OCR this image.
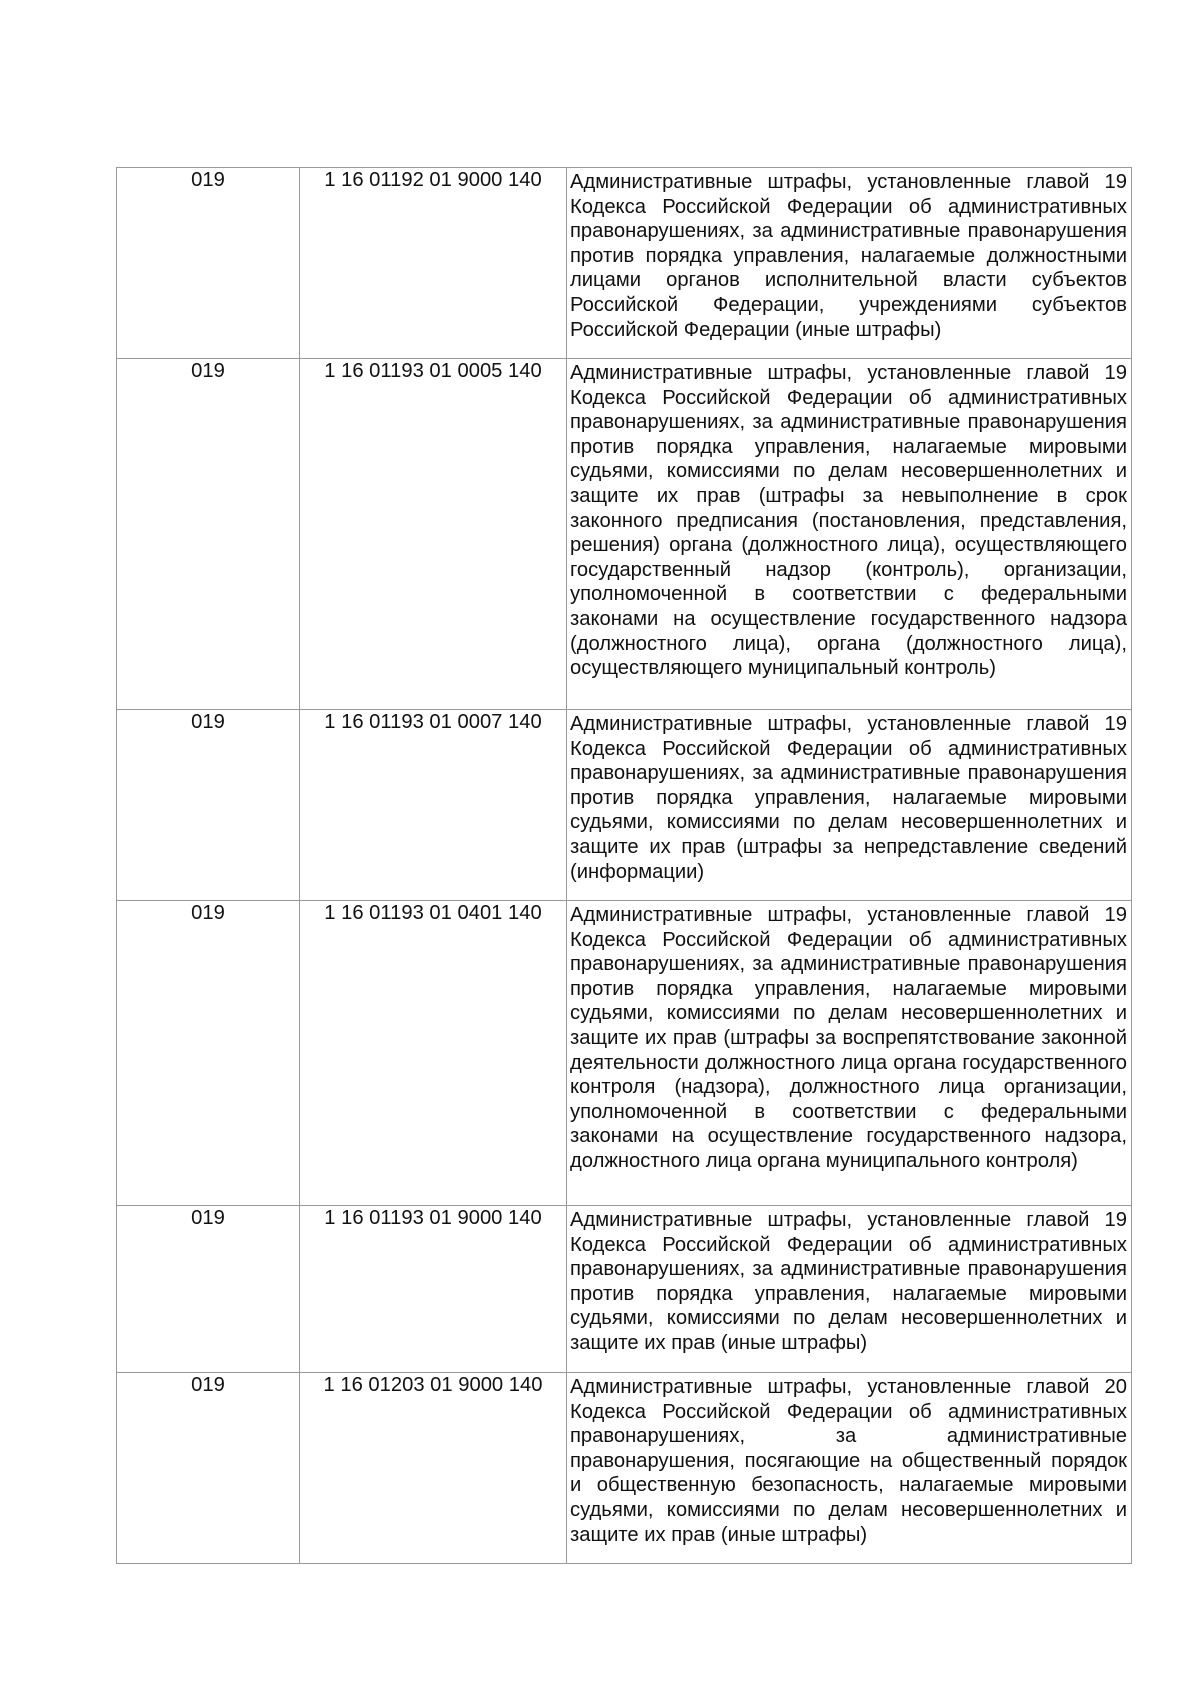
019	1 16 01192 01 9000 140	Административные штрафы, установленные главой 19 Кодекса Российской Федерации об административных правонарушениях, за административные правонарушения против порядка управления, налагаемые должностными лицами органов исполнительной власти субъектов Российской Федерации, учреждениями субъектов Российской Федерации (иные штрафы)

019	1 16 01193 01 0005 140	Административные штрафы, установленные главой 19 Кодекса Российской Федерации об административных правонарушениях, за административные правонарушения против порядка управления, налагаемые мировыми судьями, комиссиями по делам несовершеннолетних и защите их прав (штрафы за невыполнение в срок законного предписания (постановления, представления, решения) органа (должностного лица), осуществляющего государственный надзор (контроль), организации, уполномоченной в соответствии с федеральными законами на осуществление государственного надзора (должностного лица), органа (должностного лица), осуществляющего муниципальный контроль)

019	1 16 01193 01 0007 140	Административные штрафы, установленные главой 19 Кодекса Российской Федерации об административных правонарушениях, за административные правонарушения против порядка управления, налагаемые мировыми судьями, комиссиями по делам несовершеннолетних и защите их прав (штрафы за непредставление сведений (информации)

019	1 16 01193 01 0401 140	Административные штрафы, установленные главой 19 Кодекса Российской Федерации об административных правонарушениях, за административные правонарушения против порядка управления, налагаемые мировыми судьями, комиссиями по делам несовершеннолетних и защите их прав (штрафы за воспрепятствование законной деятельности должностного лица органа государственного контроля (надзора), должностного лица организации, уполномоченной в соответствии с федеральными законами на осуществление государственного надзора, должностного лица органа муниципального контроля)

019	1 16 01193 01 9000 140	Административные штрафы, установленные главой 19 Кодекса Российской Федерации об административных правонарушениях, за административные правонарушения против порядка управления, налагаемые мировыми судьями, комиссиями по делам несовершеннолетних и защите их прав (иные штрафы)

019	1 16 01203 01 9000 140	Административные штрафы, установленные главой 20 Кодекса Российской Федерации об административных правонарушениях, за административные правонарушения, посягающие на общественный порядок и общественную безопасность, налагаемые мировыми судьями, комиссиями по делам несовершеннолетних и защите их прав (иные штрафы)
